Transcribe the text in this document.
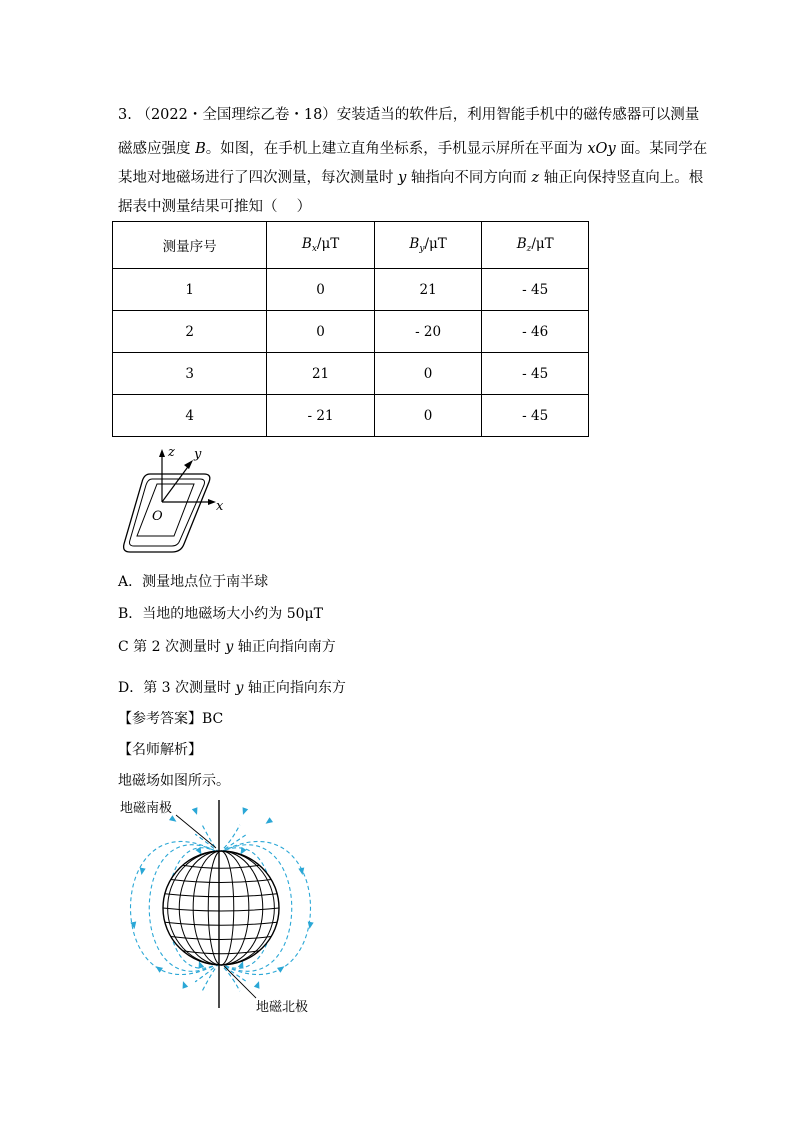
3. （2022・全国理综乙卷・18）安装适当的软件后，利用智能手机中的磁传感器可以测量
磁感应强度 B。如图，在手机上建立直角坐标系，手机显示屏所在平面为 xOy 面。某同学在
某地对地磁场进行了四次测量，每次测量时 y 轴指向不同方向而 z 轴正向保持竖直向上。根
据表中测量结果可推知（　 ）
测量序号	$B_x/\mu T$	$B_y/\mu T$	$B_z/\mu T$
1	0	21	- 45
2	0	- 20	- 46
3	21	0	- 45
4	- 21	0	- 45
z y
x
O
A．测量地点位于南半球
B．当地的地磁场大小约为 50μT
C 第 2 次测量时 y 轴正向指向南方
D．第 3 次测量时 y 轴正向指向东方
【参考答案】BC
【名师解析】
地磁场如图所示。
地磁南极
地磁北极
